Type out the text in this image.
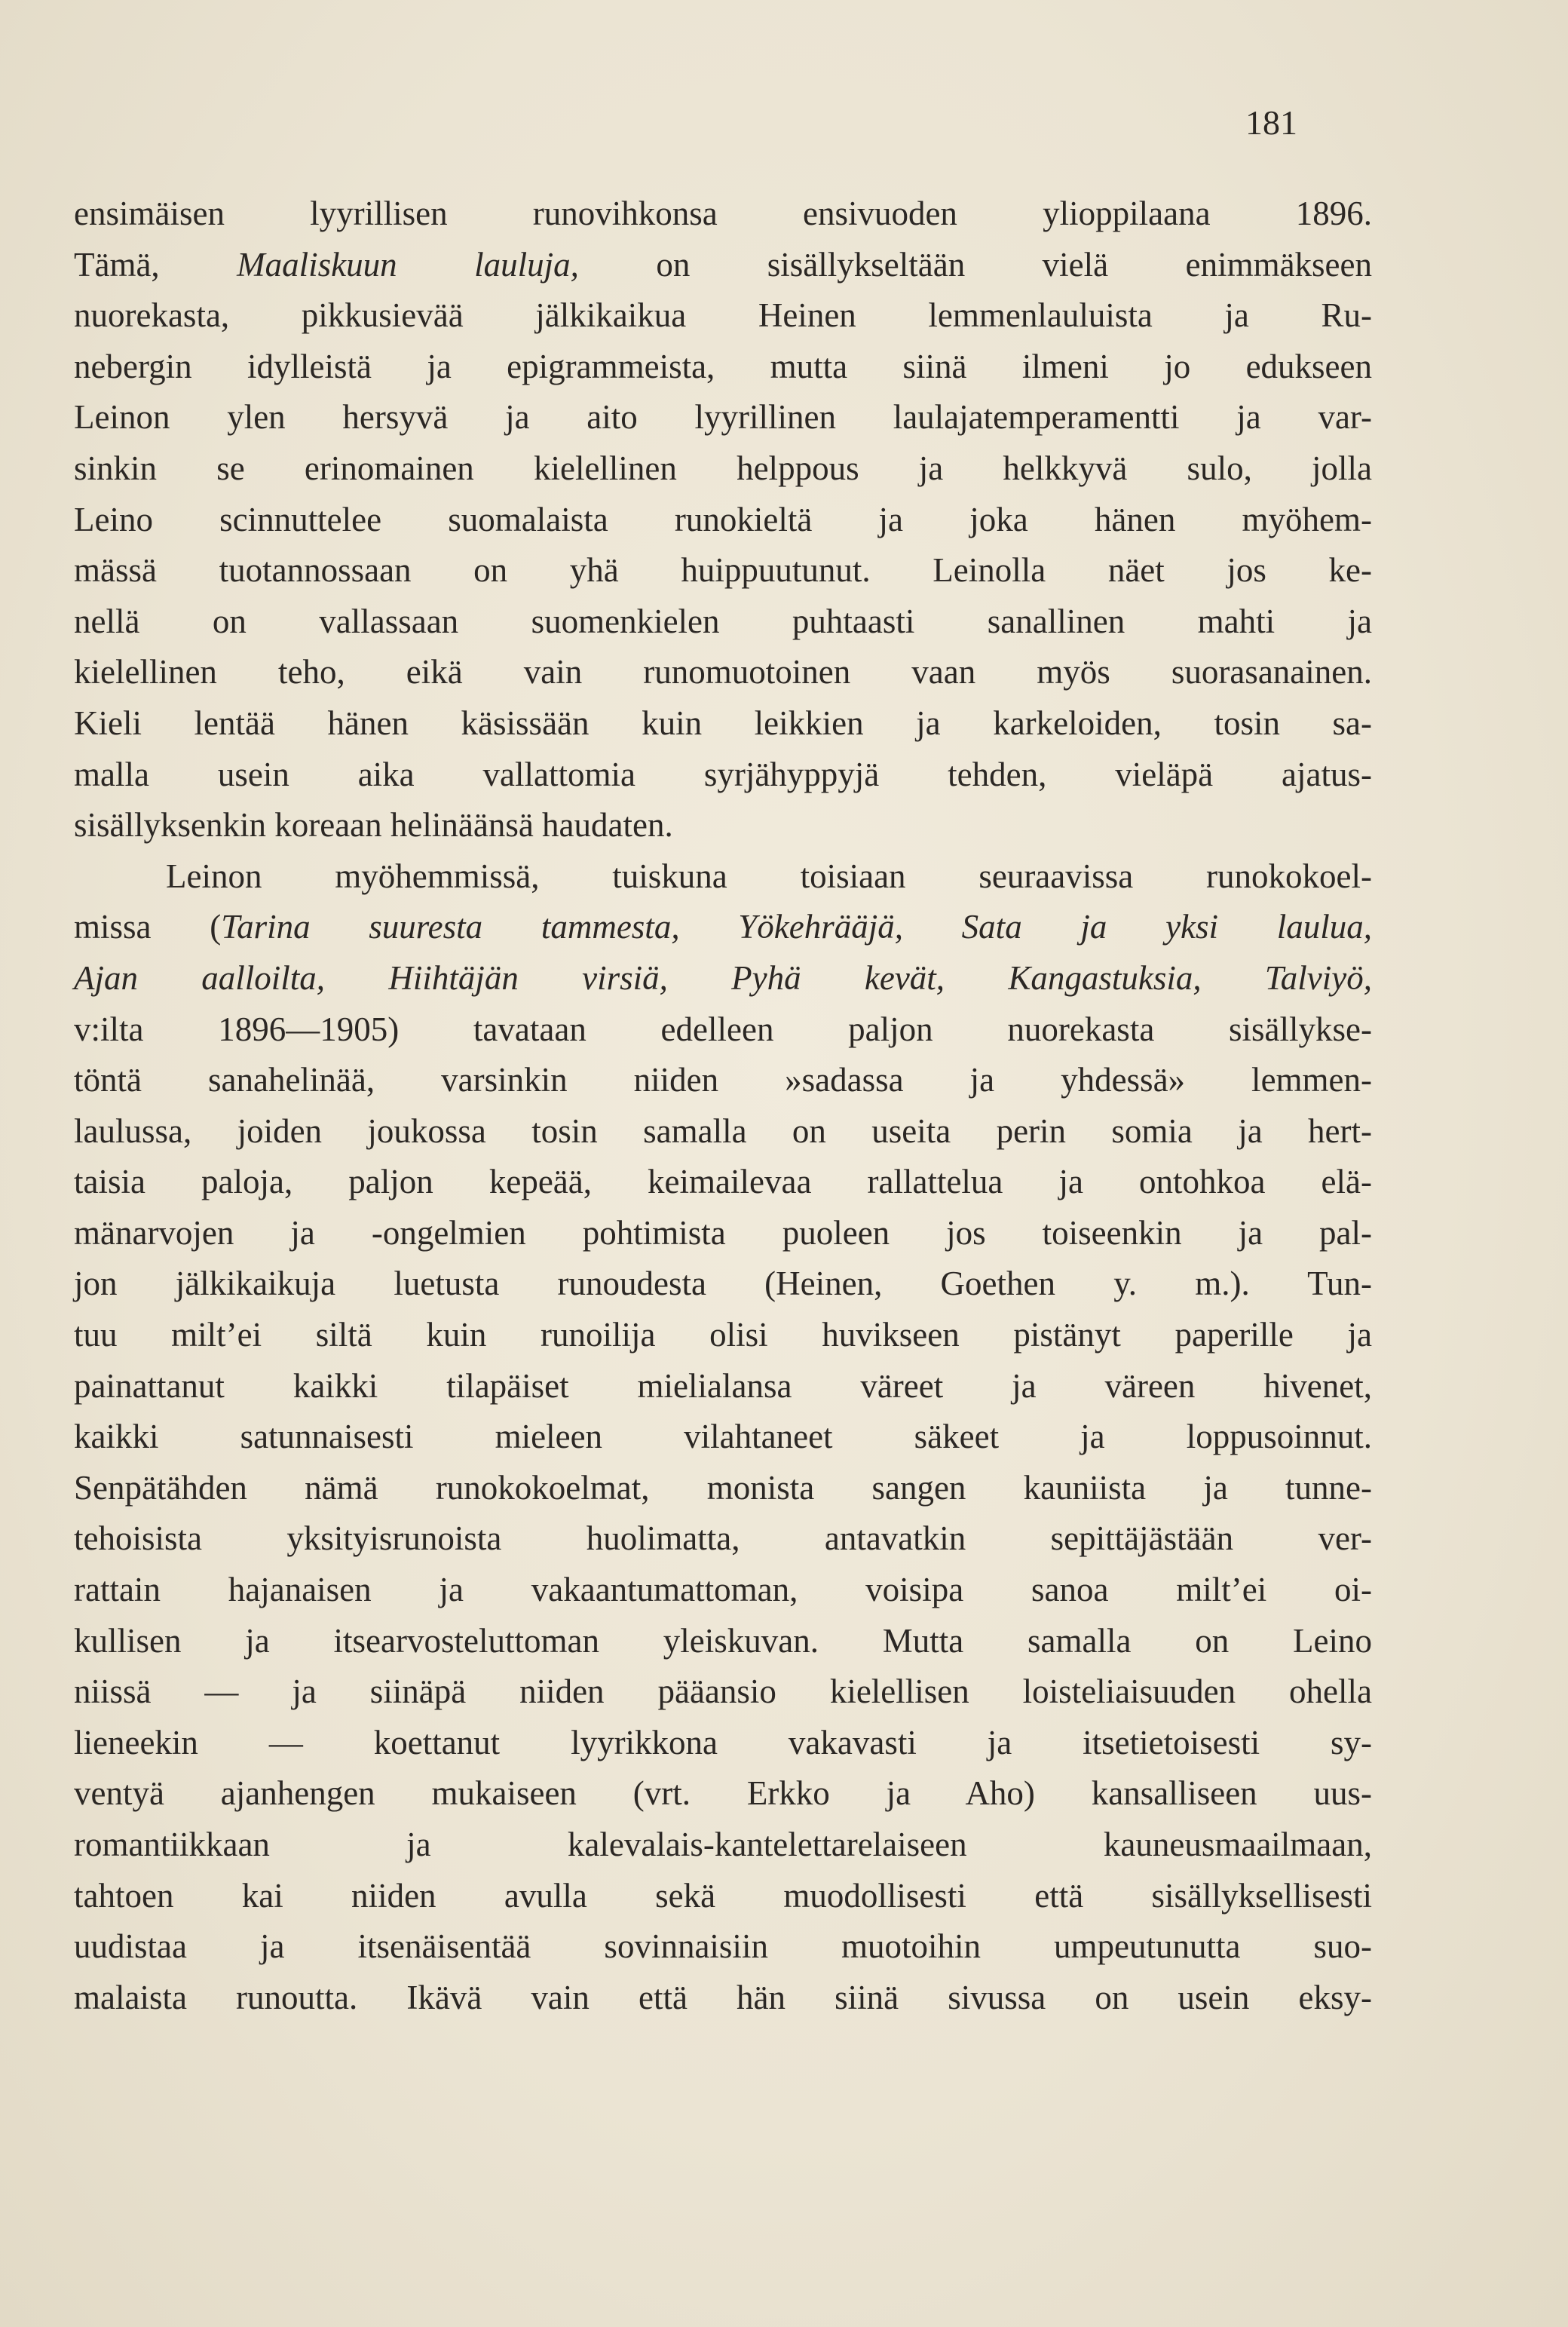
181
ensimäisen lyyrillisen runovihkonsa ensivuoden ylioppilaana 1896.
Tämä, Maaliskuun lauluja, on sisällykseltään vielä enimmäkseen
nuorekasta, pikkusievää jälkikaikua Heinen lemmenlauluista ja Ru-
nebergin idylleistä ja epigrammeista, mutta siinä ilmeni jo edukseen
Leinon ylen hersyvä ja aito lyyrillinen laulajatemperamentti ja var-
sinkin se erinomainen kielellinen helppous ja helkkyvä sulo, jolla
Leino scinnuttelee suomalaista runokieltä ja joka hänen myöhem-
mässä tuotannossaan on yhä huippuutunut. Leinolla näet jos ke-
nellä on vallassaan suomenkielen puhtaasti sanallinen mahti ja
kielellinen teho, eikä vain runomuotoinen vaan myös suorasanainen.
Kieli lentää hänen käsissään kuin leikkien ja karkeloiden, tosin sa-
malla usein aika vallattomia syrjähyppyjä tehden, vieläpä ajatus-
sisällyksenkin koreaan helinäänsä haudaten.
Leinon myöhemmissä, tuiskuna toisiaan seuraavissa runokokoel-
missa (Tarina suuresta tammesta, Yökehrääjä, Sata ja yksi laulua,
Ajan aalloilta, Hiihtäjän virsiä, Pyhä kevät, Kangastuksia, Talviyö,
v:ilta 1896—1905) tavataan edelleen paljon nuorekasta sisällykse-
töntä sanahelinää, varsinkin niiden »sadassa ja yhdessä» lemmen-
laulussa, joiden joukossa tosin samalla on useita perin somia ja hert-
taisia paloja, paljon kepeää, keimailevaa rallattelua ja ontohkoa elä-
mänarvojen ja -ongelmien pohtimista puoleen jos toiseenkin ja pal-
jon jälkikaikuja luetusta runoudesta (Heinen, Goethen y. m.). Tun-
tuu milt’ei siltä kuin runoilija olisi huvikseen pistänyt paperille ja
painattanut kaikki tilapäiset mielialansa väreet ja väreen hivenet,
kaikki satunnaisesti mieleen vilahtaneet säkeet ja loppusoinnut.
Senpätähden nämä runokokoelmat, monista sangen kauniista ja tunne-
tehoisista yksityisrunoista huolimatta, antavatkin sepittäjästään ver-
rattain hajanaisen ja vakaantumattoman, voisipa sanoa milt’ei oi-
kullisen ja itsearvosteluttoman yleiskuvan. Mutta samalla on Leino
niissä — ja siinäpä niiden pääansio kielellisen loisteliaisuuden ohella
lieneekin — koettanut lyyrikkona vakavasti ja itsetietoisesti sy-
ventyä ajanhengen mukaiseen (vrt. Erkko ja Aho) kansalliseen uus-
romantiikkaan ja kalevalais-kantelettarelaiseen kauneusmaailmaan,
tahtoen kai niiden avulla sekä muodollisesti että sisällyksellisesti
uudistaa ja itsenäisentää sovinnaisiin muotoihin umpeutunutta suo-
malaista runoutta. Ikävä vain että hän siinä sivussa on usein eksy-
